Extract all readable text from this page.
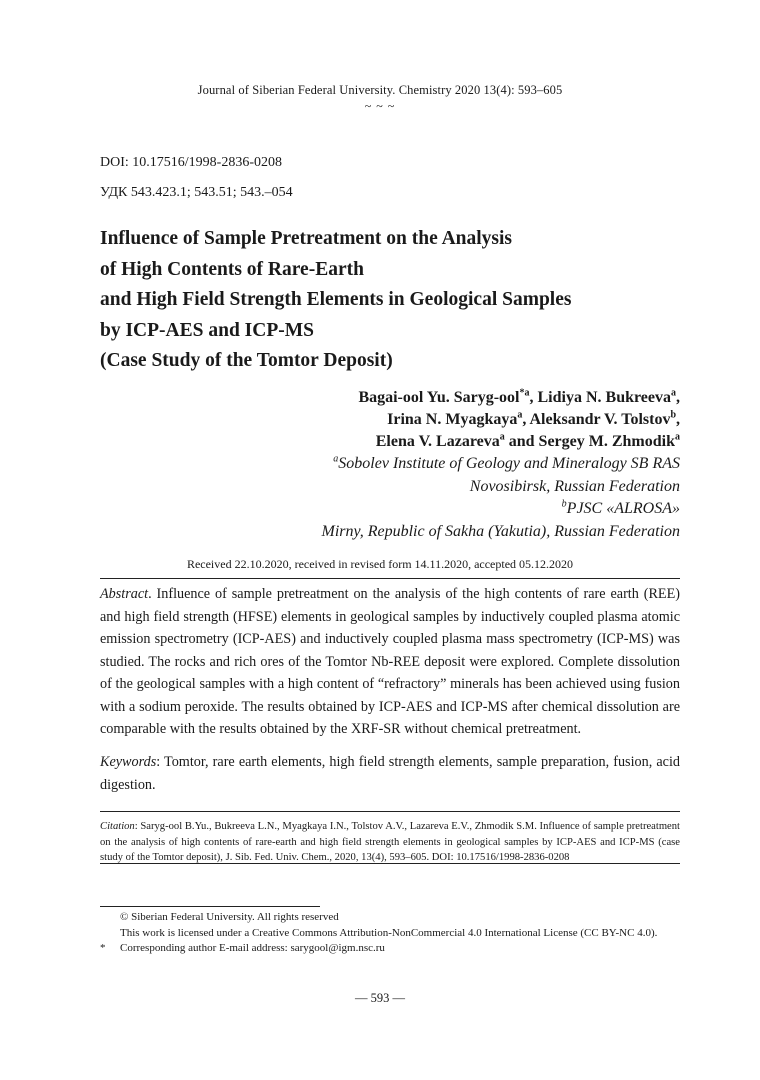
Journal of Siberian Federal University. Chemistry 2020 13(4): 593–605
~ ~ ~
DOI: 10.17516/1998-2836-0208
УДК 543.423.1; 543.51; 543.–054
Influence of Sample Pretreatment on the Analysis
of High Contents of Rare-Earth
and High Field Strength Elements in Geological Samples
by ICP-AES and ICP-MS
(Case Study of the Tomtor Deposit)
Bagai-ool Yu. Saryg-ool$^{*a}$, Lidiya N. Bukreeva$^a$,
Irina N. Myagkaya$^a$, Aleksandr V. Tolstov$^b$,
Elena V. Lazareva$^a$ and Sergey M. Zhmodik$^a$
$^a$Sobolev Institute of Geology and Mineralogy SB RAS
Novosibirsk, Russian Federation
$^b$PJSC «ALROSA»
Mirny, Republic of Sakha (Yakutia), Russian Federation
Received 22.10.2020, received in revised form 14.11.2020, accepted 05.12.2020
Abstract. Influence of sample pretreatment on the analysis of the high contents of rare earth (REE) and high field strength (HFSE) elements in geological samples by inductively coupled plasma atomic emission spectrometry (ICP-AES) and inductively coupled plasma mass spectrometry (ICP-MS) was studied. The rocks and rich ores of the Tomtor Nb-REE deposit were explored. Complete dissolution of the geological samples with a high content of “refractory” minerals has been achieved using fusion with a sodium peroxide. The results obtained by ICP-AES and ICP-MS after chemical dissolution are comparable with the results obtained by the XRF-SR without chemical pretreatment.
Keywords: Tomtor, rare earth elements, high field strength elements, sample preparation, fusion, acid digestion.
Citation: Saryg-ool B.Yu., Bukreeva L.N., Myagkaya I.N., Tolstov A.V., Lazareva E.V., Zhmodik S.M. Influence of sample pretreatment on the analysis of high contents of rare-earth and high field strength elements in geological samples by ICP-AES and ICP-MS (case study of the Tomtor deposit), J. Sib. Fed. Univ. Chem., 2020, 13(4), 593–605. DOI: 10.17516/1998-2836-0208
© Siberian Federal University. All rights reserved
This work is licensed under a Creative Commons Attribution-NonCommercial 4.0 International License (CC BY-NC 4.0).
* Corresponding author E-mail address: sarygool@igm.nsc.ru
— 593 —
